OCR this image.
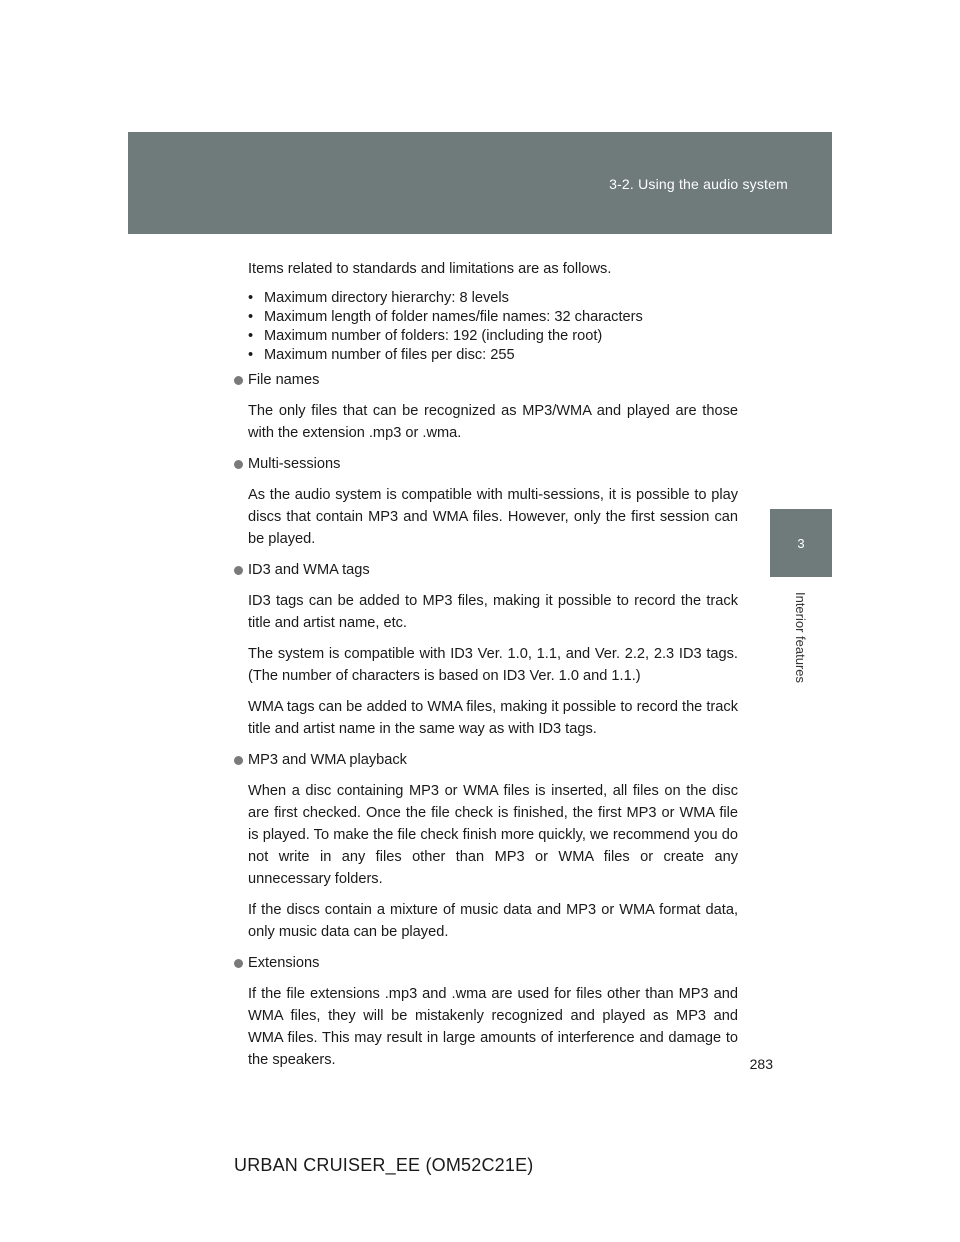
3-2. Using the audio system
3
Interior features

Items related to standards and limitations are as follows.

• Maximum directory hierarchy: 8 levels
• Maximum length of folder names/file names: 32 characters
• Maximum number of folders: 192 (including the root)
• Maximum number of files per disc: 255
File names

The only files that can be recognized as MP3/WMA and played are those with the extension .mp3 or .wma.

Multi-sessions

As the audio system is compatible with multi-sessions, it is possible to play discs that contain MP3 and WMA files. However, only the first session can be played.

ID3 and WMA tags

ID3 tags can be added to MP3 files, making it possible to record the track title and artist name, etc.

The system is compatible with ID3 Ver. 1.0, 1.1, and Ver. 2.2, 2.3 ID3 tags. (The number of characters is based on ID3 Ver. 1.0 and 1.1.)

WMA tags can be added to WMA files, making it possible to record the track title and artist name in the same way as with ID3 tags.

MP3 and WMA playback

When a disc containing MP3 or WMA files is inserted, all files on the disc are first checked. Once the file check is finished, the first MP3 or WMA file is played. To make the file check finish more quickly, we recommend you do not write in any files other than MP3 or WMA files or create any unnecessary folders.

If the discs contain a mixture of music data and MP3 or WMA format data, only music data can be played.

Extensions

If the file extensions .mp3 and .wma are used for files other than MP3 and WMA files, they will be mistakenly recognized and played as MP3 and WMA files. This may result in large amounts of interference and damage to the speakers.	283
URBAN CRUISER_EE (OM52C21E)
